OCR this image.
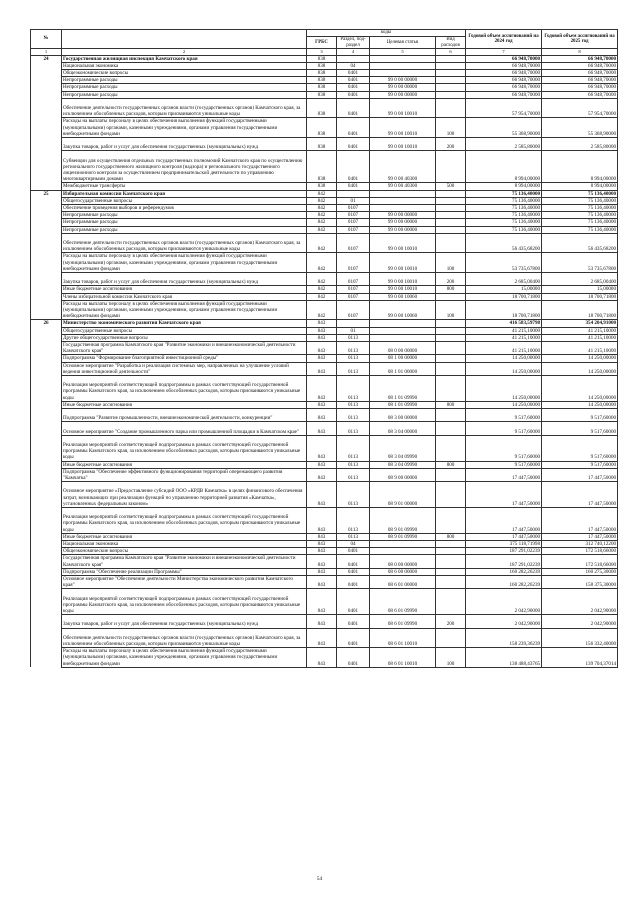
№		коды				Годовой объем ассигнований на 2024 год	Годовой объем ассигнований на 2025 год
		ГРБС	Раздел, под-раздел	Целевая статья	Вид расходов		
1	2	3	4	5	6	7	8
24	Государственная жилищная инспекция Камчатского края	838				66 948,70000	66 948,70000
	Национальная экономика	838	04			66 948,70000	66 948,70000
	Общеэкономические вопросы	838	0401			66 948,70000	66 948,70000
	Непрограммные расходы	838	0401	99 0 00 00000		66 948,70000	66 948,70000
	Непрограммные расходы	838	0401	99 0 00 00000		66 948,70000	66 948,70000
	Непрограммные расходы	838	0401	99 0 00 00000		66 948,70000	66 948,70000
	Обеспечение деятельности государственных органов власти (государственных органов) Камчатского края, за исключением обособленных расходов, которым присваиваются уникальные коды	838	0401	99 0 00 10010		57 954,70000	57 954,70000
	Расходы на выплаты персоналу в целях обеспечения выполнения функций государственными (муниципальными) органами, казенными учреждениями, органами управления государственными внебюджетными фондами	838	0401	99 0 00 10010	100	55 368,90000	55 368,90000
	Закупка товаров, работ и услуг для обеспечения государственных (муниципальных) нужд	838	0401	99 0 00 10010	200	2 585,80000	2 585,80000
	Субвенции для осуществления отдельных государственных полномочий Камчатского края по осуществлению регионального государственного жилищного контроля (надзора) и регионального государственного лицензионного контроля за осуществлением предпринимательской деятельности по управлению многоквартирными домами	838	0401	99 0 00 40300		8 994,00000	8 994,00000
	Межбюджетные трансферты	838	0401	99 0 00 40300	500	8 994,00000	8 994,00000
25	Избирательная комиссия Камчатского края	842				75 136,40000	75 136,40000
	Общегосударственные вопросы	842	01			75 136,40000	75 136,40000
	Обеспечение проведения выборов и референдумов	842	0107			75 136,40000	75 136,40000
	Непрограммные расходы	842	0107	99 0 00 00000		75 136,40000	75 136,40000
	Непрограммные расходы	842	0107	99 0 00 00000		75 136,40000	75 136,40000
	Непрограммные расходы	842	0107	99 0 00 00000		75 136,40000	75 136,40000
	Обеспечение деятельности государственных органов власти (государственных органов) Камчатского края, за исключением обособленных расходов, которым присваиваются уникальные коды	842	0107	99 0 00 10010		56 435,68200	56 435,68200
	Расходы на выплаты персоналу в целях обеспечения выполнения функций государственными (муниципальными) органами, казенными учреждениями, органами управления государственными внебюджетными фондами	842	0107	99 0 00 10010	100	53 735,67800	53 735,67800
	Закупка товаров, работ и услуг для обеспечения государственных (муниципальных) нужд	842	0107	99 0 00 10010	200	2 685,00400	2 685,00400
	Иные бюджетные ассигнования	842	0107	99 0 00 10010	800	15,00000	15,00000
	Члены избирательной комиссии Камчатского края	842	0107	99 0 00 10060		18 700,71800	18 700,71800
	Расходы на выплаты персоналу в целях обеспечения выполнения функций государственными (муниципальными) органами, казенными учреждениями, органами управления государственными внебюджетными фондами	842	0107	99 0 00 10060	100	18 700,71800	18 700,71800
26	Министерство экономического развития Камчатского края	843				416 583,59798	354 204,91000
	Общегосударственные вопросы	843	01			41 215,10000	41 215,10000
	Другие общегосударственные вопросы	843	0113			41 215,10000	41 215,10000
	Государственная программа Камчатского края "Развитие экономики и внешнеэкономической деятельности Камчатского края"	843	0113	08 0 00 00000		41 215,10000	41 215,10000
	Подпрограмма "Формирование благоприятной инвестиционной среды"	843	0113	08 1 00 00000		14 250,00000	14 250,00000
	Основное мероприятие "Разработка и реализация системных мер, направленных на улучшение условий ведения инвестиционной деятельности"	843	0113	08 1 01 00000		14 250,00000	14 250,00000
	Реализация мероприятий соответствующей подпрограммы в рамках соответствующей государственной программы Камчатского края, за исключением обособленных расходов, которым присваиваются уникальные коды	843	0113	08 1 01 09990		14 250,00000	14 250,00000
	Иные бюджетные ассигнования	843	0113	08 1 01 09990	800	14 250,00000	14 250,00000
	Подпрограмма "Развитие промышленности, внешнеэкономической деятельности, конкуренции"	843	0113	08 3 00 00000		9 517,60000	9 517,60000
	Основное мероприятие "Создание промышленного парка или промышленной площадки в Камчатском крае"	843	0113	08 3 04 00000		9 517,60000	9 517,60000
	Реализация мероприятий соответствующей подпрограммы в рамках соответствующей государственной программы Камчатского края, за исключением обособленных расходов, которым присваиваются уникальные коды	843	0113	08 3 04 09990		9 517,60000	9 517,60000
	Иные бюджетные ассигнования	843	0113	08 3 04 09990	800	9 517,60000	9 517,60000
	Подпрограмма "Обеспечение эффективного функционирования территорий опережающего развития "Камчатка"	843	0113	08 9 00 00000		17 447,50000	17 447,50000
	Основное мероприятие «Предоставление субсидий ООО «КРДВ Камчатка» в целях финансового обеспечения затрат, возникающих при реализации функций по управлению территорией развития «Камчатка», установленных федеральным законом»	843	0113	08 9 01 00000		17 447,50000	17 447,50000
	Реализация мероприятий соответствующей подпрограммы в рамках соответствующей государственной программы Камчатского края, за исключением обособленных расходов, которым присваиваются уникальные коды	843	0113	08 9 01 09990		17 447,50000	17 447,50000
	Иные бюджетные ассигнования	843	0113	08 9 01 09990	800	17 447,50000	17 447,50000
	Национальная экономика	843	04			375 118,71998	312 740,12200
	Общеэкономические вопросы	843	0401			187 291,02239	172 518,66000
	Государственная программа Камчатского края "Развитие экономики и внешнеэкономической деятельности Камчатского края"	843	0401	08 0 00 00000		187 291,02239	172 518,66000
	Подпрограмма "Обеспечение реализации Программы"	843	0401	08 6 00 00000		160 282,26239	160 275,30000
	Основное мероприятие "Обеспечение деятельности Министерства экономического развития Камчатского края"	843	0401	08 6 01 00000		160 282,26239	158 375,30000
	Реализация мероприятий соответствующей подпрограммы в рамках соответствующей государственной программы Камчатского края, за исключением обособленных расходов, которым присваиваются уникальные коды	843	0401	08 6 01 09990		2 042,90000	2 042,90000
	Закупка товаров, работ и услуг для обеспечения государственных (муниципальных) нужд	843	0401	08 6 01 09990	200	2 042,90000	2 042,90000
	Обеспечение деятельности государственных органов власти (государственных органов) Камчатского края, за исключением обособленных расходов, которым присваиваются уникальные коды	843	0401	08 6 01 10010		158 239,36239	156 332,40000
	Расходы на выплаты персоналу в целях обеспечения выполнения функций государственными (муниципальными) органами, казенными учреждениями, органами управления государственными внебюджетными фондами	843	0401	08 6 01 10010	100	138 488,43765	139 704,37014
54
